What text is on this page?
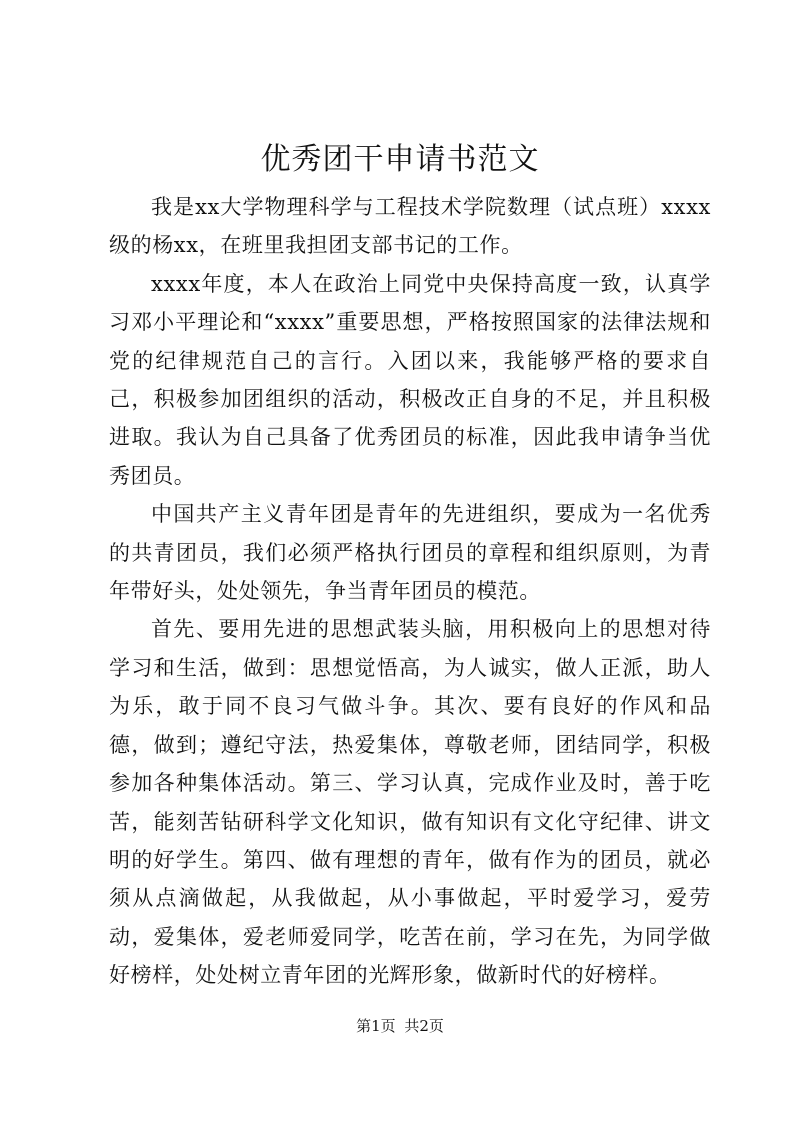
优秀团干申请书范文

我是xx大学物理科学与工程技术学院数理（试点班）xxxx级的杨xx，在班里我担团支部书记的工作。

xxxx年度，本人在政治上同党中央保持高度一致，认真学习邓小平理论和“xxxx”重要思想，严格按照国家的法律法规和党的纪律规范自己的言行。入团以来，我能够严格的要求自己，积极参加团组织的活动，积极改正自身的不足，并且积极进取。我认为自己具备了优秀团员的标准，因此我申请争当优秀团员。

中国共产主义青年团是青年的先进组织，要成为一名优秀的共青团员，我们必须严格执行团员的章程和组织原则，为青年带好头，处处领先，争当青年团员的模范。

首先、要用先进的思想武装头脑，用积极向上的思想对待学习和生活，做到：思想觉悟高，为人诚实，做人正派，助人为乐，敢于同不良习气做斗争。其次、要有良好的作风和品德，做到；遵纪守法，热爱集体，尊敬老师，团结同学，积极参加各种集体活动。第三、学习认真，完成作业及时，善于吃苦，能刻苦钻研科学文化知识，做有知识有文化守纪律、讲文明的好学生。第四、做有理想的青年，做有作为的团员，就必须从点滴做起，从我做起，从小事做起，平时爱学习，爱劳动，爱集体，爱老师爱同学，吃苦在前，学习在先，为同学做好榜样，处处树立青年团的光辉形象，做新时代的好榜样。

第1页 共2页
